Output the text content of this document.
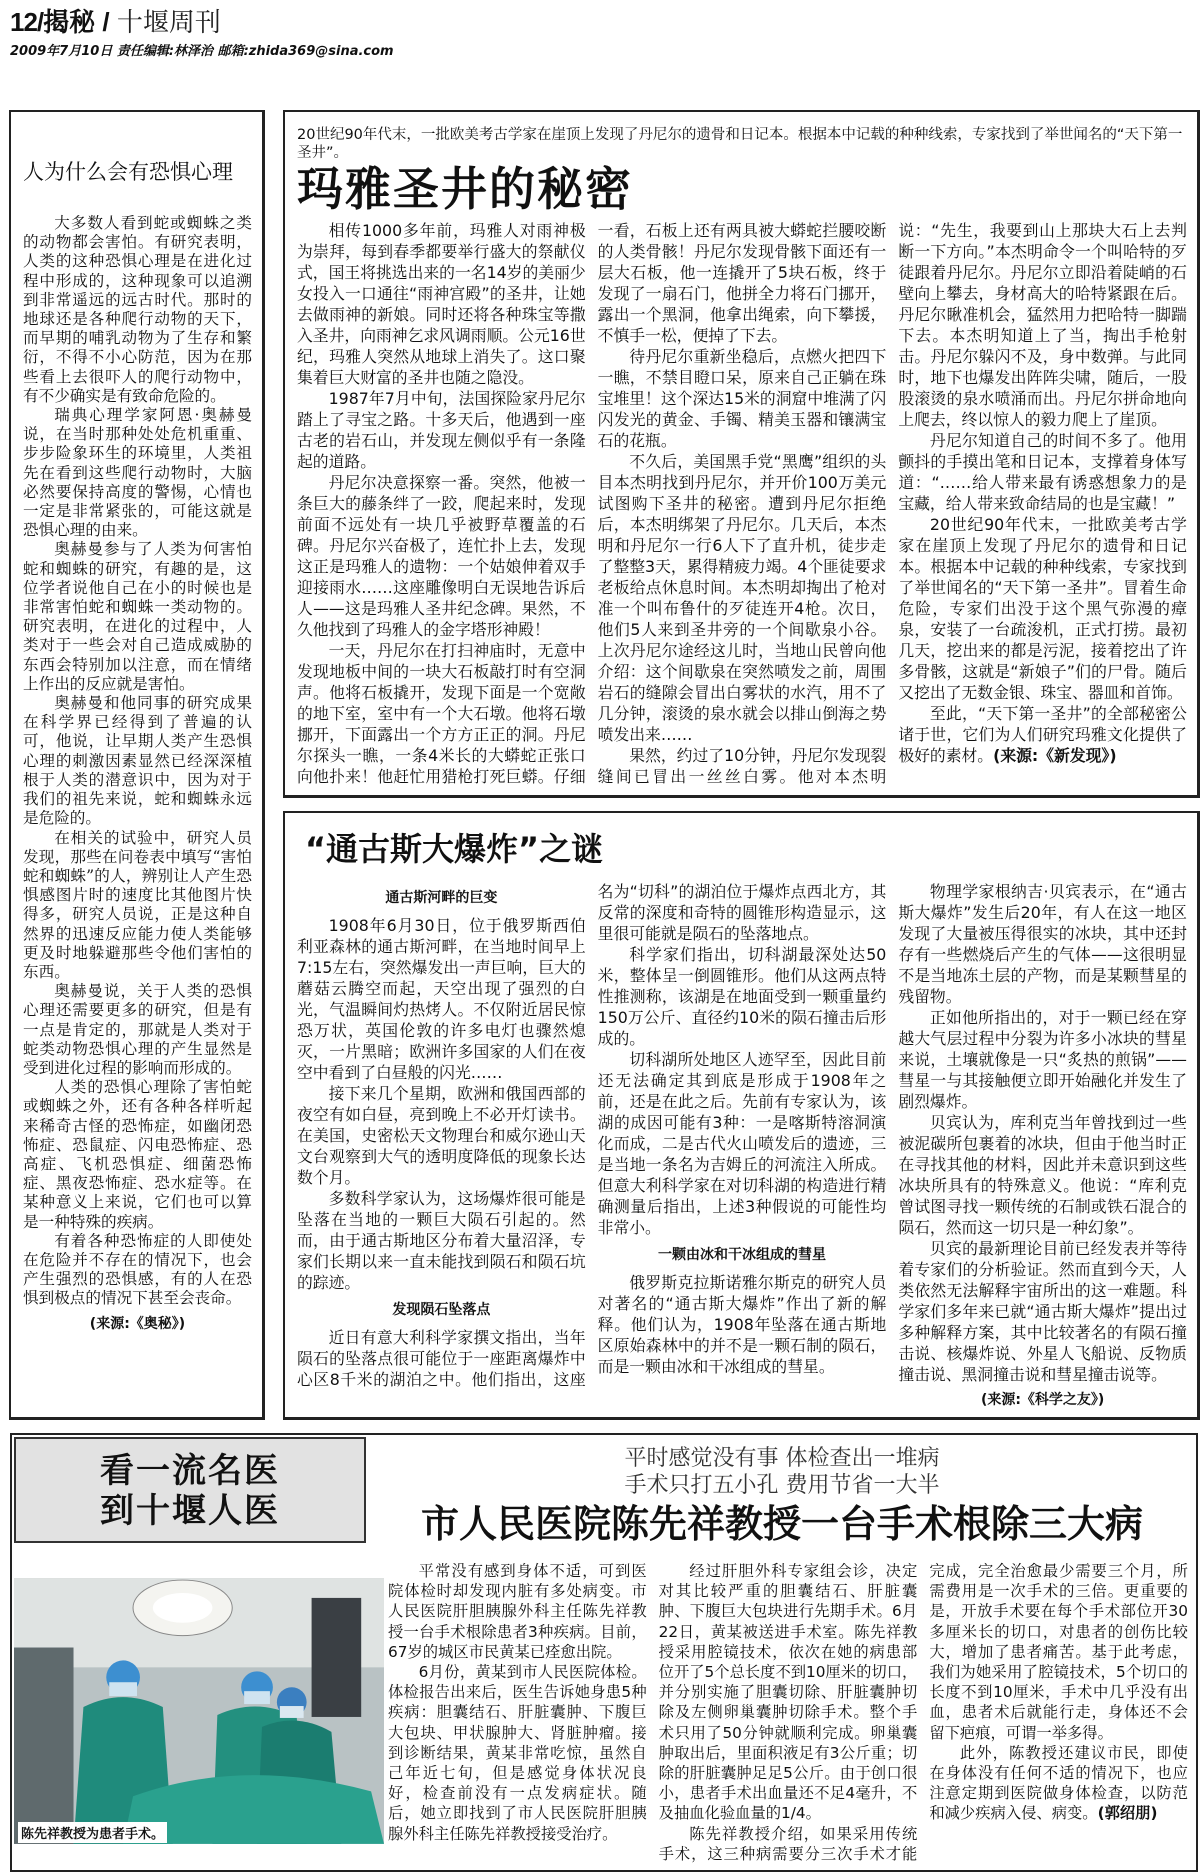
12/揭秘 / 十堰周刊
2009年7月10日 责任编辑:林泽治 邮箱:zhida369@sina.com
人为什么会有恐惧心理

大多数人看到蛇或蜘蛛之类的动物都会害怕。有研究表明，人类的这种恐惧心理是在进化过程中形成的，这种现象可以追溯到非常遥远的远古时代。那时的地球还是各种爬行动物的天下，而早期的哺乳动物为了生存和繁衍，不得不小心防范，因为在那些看上去很吓人的爬行动物中，有不少确实是有致命危险的。

瑞典心理学家阿恩·奥赫曼说，在当时那种处处危机重重、步步险象环生的环境里，人类祖先在看到这些爬行动物时，大脑必然要保持高度的警惕，心情也一定是非常紧张的，可能这就是恐惧心理的由来。

奥赫曼参与了人类为何害怕蛇和蜘蛛的研究，有趣的是，这位学者说他自己在小的时候也是非常害怕蛇和蜘蛛一类动物的。研究表明，在进化的过程中，人类对于一些会对自己造成威胁的东西会特别加以注意，而在情绪上作出的反应就是害怕。

奥赫曼和他同事的研究成果在科学界已经得到了普遍的认可，他说，让早期人类产生恐惧心理的刺激因素显然已经深深植根于人类的潜意识中，因为对于我们的祖先来说，蛇和蜘蛛永远是危险的。

在相关的试验中，研究人员发现，那些在问卷表中填写“害怕蛇和蜘蛛”的人，辨别让人产生恐惧感图片时的速度比其他图片快得多，研究人员说，正是这种自然界的迅速反应能力使人类能够更及时地躲避那些令他们害怕的东西。

奥赫曼说，关于人类的恐惧心理还需要更多的研究，但是有一点是肯定的，那就是人类对于蛇类动物恐惧心理的产生显然是受到进化过程的影响而形成的。

人类的恐惧心理除了害怕蛇或蜘蛛之外，还有各种各样听起来稀奇古怪的恐怖症，如幽闭恐怖症、恐鼠症、闪电恐怖症、恐高症、飞机恐惧症、细菌恐怖症、黑夜恐怖症、恐水症等。在某种意义上来说，它们也可以算是一种特殊的疾病。

有着各种恐怖症的人即使处在危险并不存在的情况下，也会产生强烈的恐惧感，有的人在恐惧到极点的情况下甚至会丧命。

(来源:《奥秘》)
20世纪90年代末，一批欧美考古学家在崖顶上发现了丹尼尔的遗骨和日记本。根据本中记载的种种线索，专家找到了举世闻名的“天下第一圣井”。
玛雅圣井的秘密

相传1000多年前，玛雅人对雨神极为崇拜，每到春季都要举行盛大的祭献仪式，国王将挑选出来的一名14岁的美丽少女投入一口通往“雨神宫殿”的圣井，让她去做雨神的新娘。同时还将各种珠宝等撒入圣井，向雨神乞求风调雨顺。公元16世纪，玛雅人突然从地球上消失了。这口聚集着巨大财富的圣井也随之隐没。

1987年7月中旬，法国探险家丹尼尔踏上了寻宝之路。十多天后，他遇到一座古老的岩石山，并发现左侧似乎有一条隆起的道路。

丹尼尔决意探察一番。突然，他被一条巨大的藤条绊了一跤，爬起来时，发现前面不远处有一块几乎被野草覆盖的石碑。丹尼尔兴奋极了，连忙扑上去，发现这正是玛雅人的遗物：一个姑娘伸着双手迎接雨水……这座雕像明白无误地告诉后人——这是玛雅人圣井纪念碑。果然，不久他找到了玛雅人的金字塔形神殿！

一天，丹尼尔在打扫神庙时，无意中发现地板中间的一块大石板敲打时有空洞声。他将石板撬开，发现下面是一个宽敞的地下室，室中有一个大石墩。他将石墩挪开，下面露出一个方方正正的洞。丹尼尔探头一瞧，一条4米长的大蟒蛇正张口向他扑来！他赶忙用猎枪打死巨蟒。仔细一看，石板上还有两具被大蟒蛇拦腰咬断的人类骨骸！丹尼尔发现骨骸下面还有一层大石板，他一连撬开了5块石板，终于发现了一扇石门，他拼全力将石门挪开，露出一个黑洞，他拿出绳索，向下攀援，不慎手一松，便掉了下去。

待丹尼尔重新坐稳后，点燃火把四下一瞧，不禁目瞪口呆，原来自己正躺在珠宝堆里！这个深达15米的洞窟中堆满了闪闪发光的黄金、手镯、精美玉器和镶满宝石的花瓶。

不久后，美国黑手党“黑鹰”组织的头目本杰明找到丹尼尔，并开价100万美元试图购下圣井的秘密。遭到丹尼尔拒绝后，本杰明绑架了丹尼尔。几天后，本杰明和丹尼尔一行6人下了直升机，徒步走了整整3天，累得精疲力竭。4个匪徒要求老板给点休息时间。本杰明却掏出了枪对准一个叫布鲁什的歹徒连开4枪。次日，他们5人来到圣井旁的一个间歇泉小谷。上次丹尼尔途经这儿时，当地山民曾向他介绍：这个间歇泉在突然喷发之前，周围岩石的缝隙会冒出白雾状的水汽，用不了几分钟，滚烫的泉水就会以排山倒海之势喷发出来……

果然，约过了10分钟，丹尼尔发现裂缝间已冒出一丝丝白雾。他对本杰明说：“先生，我要到山上那块大石上去判断一下方向。”本杰明命令一个叫哈特的歹徒跟着丹尼尔。丹尼尔立即沿着陡峭的石壁向上攀去，身材高大的哈特紧跟在后。丹尼尔瞅准机会，猛然用力把哈特一脚踹下去。本杰明知道上了当，掏出手枪射击。丹尼尔躲闪不及，身中数弹。与此同时，地下也爆发出阵阵尖啸，随后，一股股滚烫的泉水喷涌而出。丹尼尔拼命地向上爬去，终以惊人的毅力爬上了崖顶。

丹尼尔知道自己的时间不多了。他用颤抖的手摸出笔和日记本，支撑着身体写道：“……给人带来最有诱惑想象力的是宝藏，给人带来致命结局的也是宝藏！”

20世纪90年代末，一批欧美考古学家在崖顶上发现了丹尼尔的遗骨和日记本。根据本中记载的种种线索，专家找到了举世闻名的“天下第一圣井”。冒着生命危险，专家们出没于这个黑气弥漫的瘴泉，安装了一台疏浚机，正式打捞。最初几天，挖出来的都是污泥，接着挖出了许多骨骸，这就是“新娘子”们的尸骨。随后又挖出了无数金银、珠宝、器皿和首饰。

至此，“天下第一圣井”的全部秘密公诸于世，它们为人们研究玛雅文化提供了极好的素材。(来源:《新发现》)

“通古斯大爆炸”之谜
通古斯河畔的巨变

1908年6月30日，位于俄罗斯西伯利亚森林的通古斯河畔，在当地时间早上7:15左右，突然爆发出一声巨响，巨大的蘑菇云腾空而起，天空出现了强烈的白光，气温瞬间灼热烤人。不仅附近居民惊恐万状，英国伦敦的许多电灯也骤然熄灭，一片黑暗；欧洲许多国家的人们在夜空中看到了白昼般的闪光……

接下来几个星期，欧洲和俄国西部的夜空有如白昼，亮到晚上不必开灯读书。在美国，史密松天文物理台和威尔逊山天文台观察到大气的透明度降低的现象长达数个月。

多数科学家认为，这场爆炸很可能是坠落在当地的一颗巨大陨石引起的。然而，由于通古斯地区分布着大量沼泽，专家们长期以来一直未能找到陨石和陨石坑的踪迹。

发现陨石坠落点

近日有意大利科学家撰文指出，当年陨石的坠落点很可能位于一座距离爆炸中心区8千米的湖泊之中。他们指出，这座名为“切科”的湖泊位于爆炸点西北方，其反常的深度和奇特的圆锥形构造显示，这里很可能就是陨石的坠落地点。

科学家们指出，切科湖最深处达50米，整体呈一倒圆锥形。他们从这两点特性推测称，该湖是在地面受到一颗重量约150万公斤、直径约10米的陨石撞击后形成的。

切科湖所处地区人迹罕至，因此目前还无法确定其到底是形成于1908年之前，还是在此之后。先前有专家认为，该湖的成因可能有3种：一是喀斯特溶洞演化而成，二是古代火山喷发后的遗迹，三是当地一条名为吉姆丘的河流注入所成。但意大利科学家在对切科湖的构造进行精确测量后指出，上述3种假说的可能性均非常小。

一颗由冰和干冰组成的彗星

俄罗斯克拉斯诺雅尔斯克的研究人员对著名的“通古斯大爆炸”作出了新的解释。他们认为，1908年坠落在通古斯地区原始森林中的并不是一颗石制的陨石，而是一颗由冰和干冰组成的彗星。

物理学家根纳吉·贝宾表示，在“通古斯大爆炸”发生后20年，有人在这一地区发现了大量被压得很实的冰块，其中还封存有一些燃烧后产生的气体——这很明显不是当地冻土层的产物，而是某颗彗星的残留物。

正如他所指出的，对于一颗已经在穿越大气层过程中分裂为许多小冰块的彗星来说，土壤就像是一只“炙热的煎锅”——彗星一与其接触便立即开始融化并发生了剧烈爆炸。

贝宾认为，库利克当年曾找到过一些被泥碳所包裹着的冰块，但由于他当时正在寻找其他的材料，因此并未意识到这些冰块所具有的特殊意义。他说：“库利克曾试图寻找一颗传统的石制或铁石混合的陨石，然而这一切只是一种幻象”。

贝宾的最新理论目前已经发表并等待着专家们的分析验证。然而直到今天，人类依然无法解释宇宙所出的这一难题。科学家们多年来已就“通古斯大爆炸”提出过多种解释方案，其中比较著名的有陨石撞击说、核爆炸说、外星人飞船说、反物质撞击说、黑洞撞击说和彗星撞击说等。

(来源:《科学之友》)
看一流名医
到十堰人医
平时感觉没有事 体检查出一堆病
手术只打五小孔 费用节省一大半
市人民医院陈先祥教授一台手术根除三大病
陈先祥教授为患者手术。

平常没有感到身体不适，可到医院体检时却发现内脏有多处病变。市人民医院肝胆胰腺外科主任陈先祥教授一台手术根除患者3种疾病。目前，67岁的城区市民黄某已痊愈出院。

6月份，黄某到市人民医院体检。体检报告出来后，医生告诉她身患5种疾病：胆囊结石、肝脏囊肿、下腹巨大包块、甲状腺肿大、肾脏肿瘤。接到诊断结果，黄某非常吃惊，虽然自己年近七旬，但是感觉身体状况良好，检查前没有一点发病症状。随后，她立即找到了市人民医院肝胆胰腺外科主任陈先祥教授接受治疗。

经过肝胆外科专家组会诊，决定对其比较严重的胆囊结石、肝脏囊肿、下腹巨大包块进行先期手术。6月22日，黄某被送进手术室。陈先祥教授采用腔镜技术，依次在她的病患部位开了5个总长度不到10厘米的切口，并分别实施了胆囊切除、肝脏囊肿切除及左侧卵巢囊肿切除手术。整个手术只用了50分钟就顺利完成。卵巢囊肿取出后，里面积液足有3公斤重；切除的肝脏囊肿足足5公斤。由于创口很小，患者手术出血量还不足4毫升，不及抽血化验血量的1/4。

陈先祥教授介绍，如果采用传统手术，这三种病需要分三次手术才能完成，完全治愈最少需要三个月，所需费用是一次手术的三倍。更重要的是，开放手术要在每个手术部位开30多厘米长的切口，对患者的创伤比较大，增加了患者痛苦。基于此考虑，我们为她采用了腔镜技术，5个切口的长度不到10厘米，手术中几乎没有出血，患者术后就能行走，身体还不会留下疤痕，可谓一举多得。

此外，陈教授还建议市民，即使在身体没有任何不适的情况下，也应注意定期到医院做身体检查，以防范和减少疾病入侵、病变。(郭绍朋)
